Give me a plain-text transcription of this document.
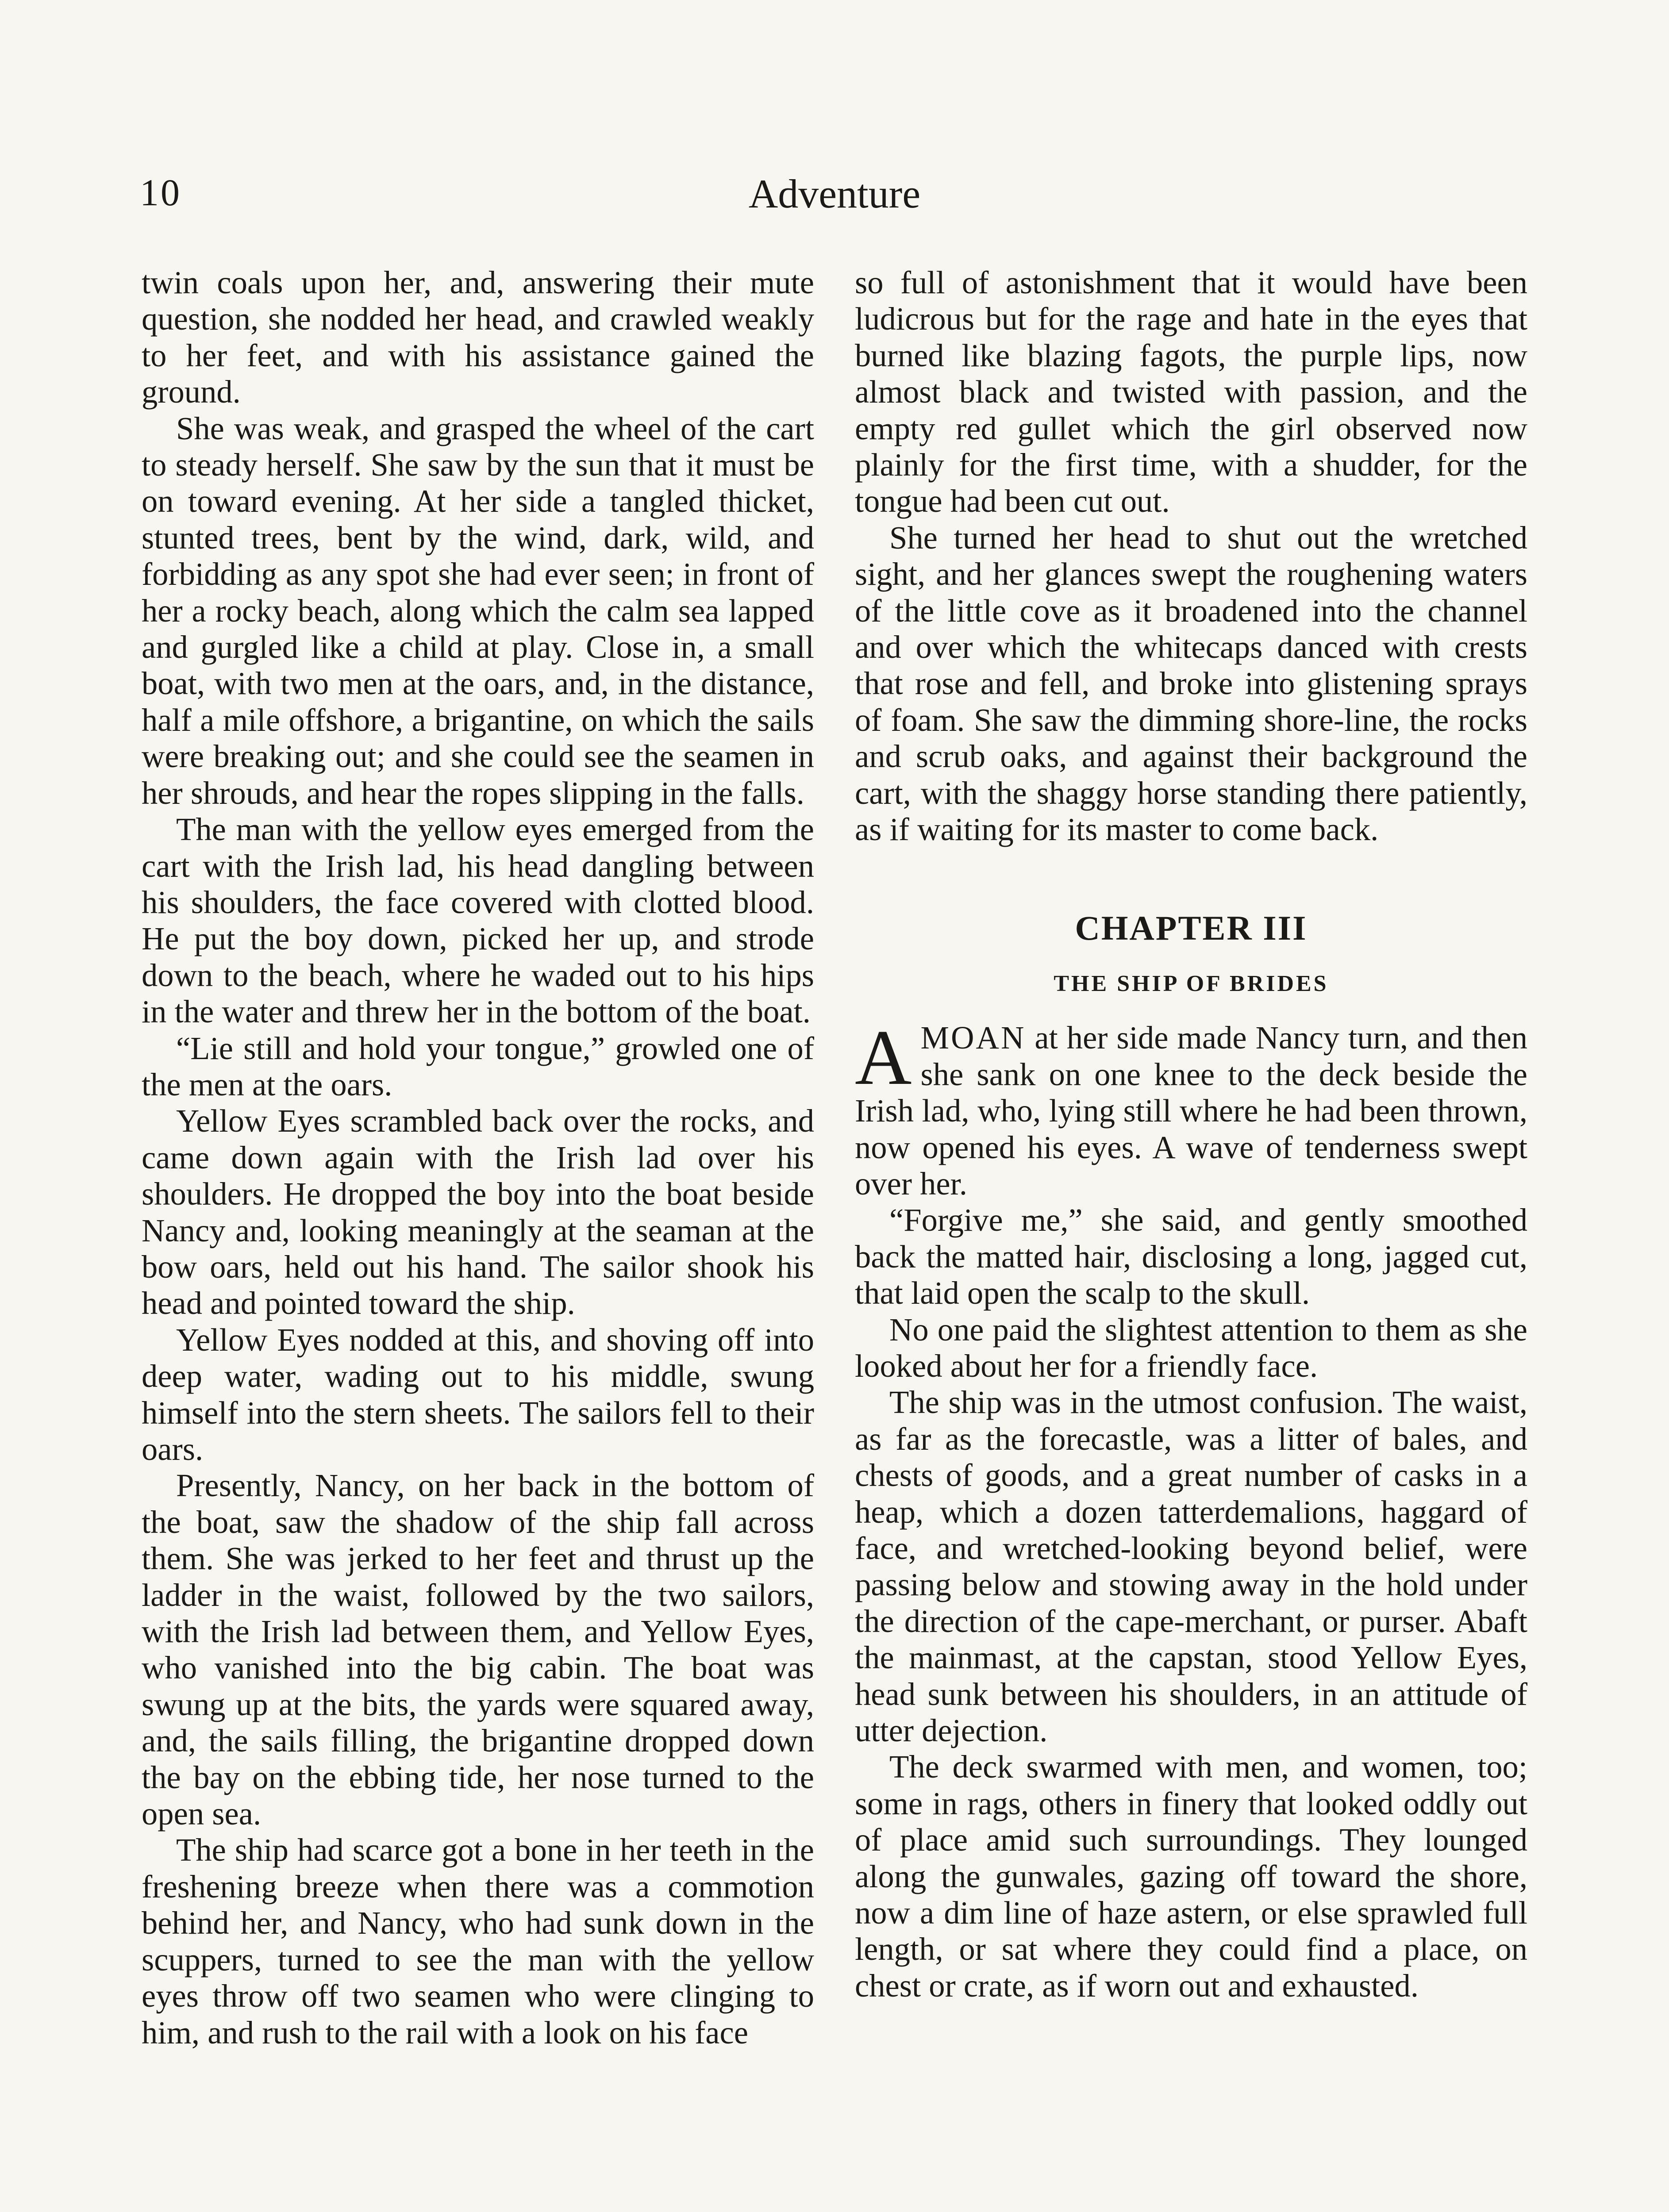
10	Adventure

twin coals upon her, and, answering their mute question, she nodded her head, and crawled weakly to her feet, and with his assistance gained the ground.

She was weak, and grasped the wheel of the cart to steady herself. She saw by the sun that it must be on toward evening. At her side a tangled thicket, stunted trees, bent by the wind, dark, wild, and forbidding as any spot she had ever seen; in front of her a rocky beach, along which the calm sea lapped and gurgled like a child at play. Close in, a small boat, with two men at the oars, and, in the distance, half a mile offshore, a brigantine, on which the sails were breaking out; and she could see the seamen in her shrouds, and hear the ropes slipping in the falls.

The man with the yellow eyes emerged from the cart with the Irish lad, his head dangling between his shoulders, the face covered with clotted blood. He put the boy down, picked her up, and strode down to the beach, where he waded out to his hips in the water and threw her in the bottom of the boat.

“Lie still and hold your tongue,” growled one of the men at the oars.

Yellow Eyes scrambled back over the rocks, and came down again with the Irish lad over his shoulders. He dropped the boy into the boat beside Nancy and, looking meaningly at the seaman at the bow oars, held out his hand. The sailor shook his head and pointed toward the ship.

Yellow Eyes nodded at this, and shoving off into deep water, wading out to his middle, swung himself into the stern sheets. The sailors fell to their oars.

Presently, Nancy, on her back in the bottom of the boat, saw the shadow of the ship fall across them. She was jerked to her feet and thrust up the ladder in the waist, followed by the two sailors, with the Irish lad between them, and Yellow Eyes, who vanished into the big cabin. The boat was swung up at the bits, the yards were squared away, and, the sails filling, the brigantine dropped down the bay on the ebbing tide, her nose turned to the open sea.

The ship had scarce got a bone in her teeth in the freshening breeze when there was a commotion behind her, and Nancy, who had sunk down in the scuppers, turned to see the man with the yellow eyes throw off two seamen who were clinging to him, and rush to the rail with a look on his face

so full of astonishment that it would have been ludicrous but for the rage and hate in the eyes that burned like blazing fagots, the purple lips, now almost black and twisted with passion, and the empty red gullet which the girl observed now plainly for the first time, with a shudder, for the tongue had been cut out.

She turned her head to shut out the wretched sight, and her glances swept the roughening waters of the little cove as it broadened into the channel and over which the whitecaps danced with crests that rose and fell, and broke into glistening sprays of foam. She saw the dimming shore-line, the rocks and scrub oaks, and against their background the cart, with the shaggy horse standing there patiently, as if waiting for its master to come back.

CHAPTER III
THE SHIP OF BRIDES

AMOAN at her side made Nancy turn, and then she sank on one knee to the deck beside the Irish lad, who, lying still where he had been thrown, now opened his eyes. A wave of tenderness swept over her.

“Forgive me,” she said, and gently smoothed back the matted hair, disclosing a long, jagged cut, that laid open the scalp to the skull.

No one paid the slightest attention to them as she looked about her for a friendly face.

The ship was in the utmost confusion. The waist, as far as the forecastle, was a litter of bales, and chests of goods, and a great number of casks in a heap, which a dozen tatterdemalions, haggard of face, and wretched-looking beyond belief, were passing below and stowing away in the hold under the direction of the cape-merchant, or purser. Abaft the mainmast, at the capstan, stood Yellow Eyes, head sunk between his shoulders, in an attitude of utter dejection.

The deck swarmed with men, and women, too; some in rags, others in finery that looked oddly out of place amid such surroundings. They lounged along the gunwales, gazing off toward the shore, now a dim line of haze astern, or else sprawled full length, or sat where they could find a place, on chest or crate, as if worn out and exhausted.
